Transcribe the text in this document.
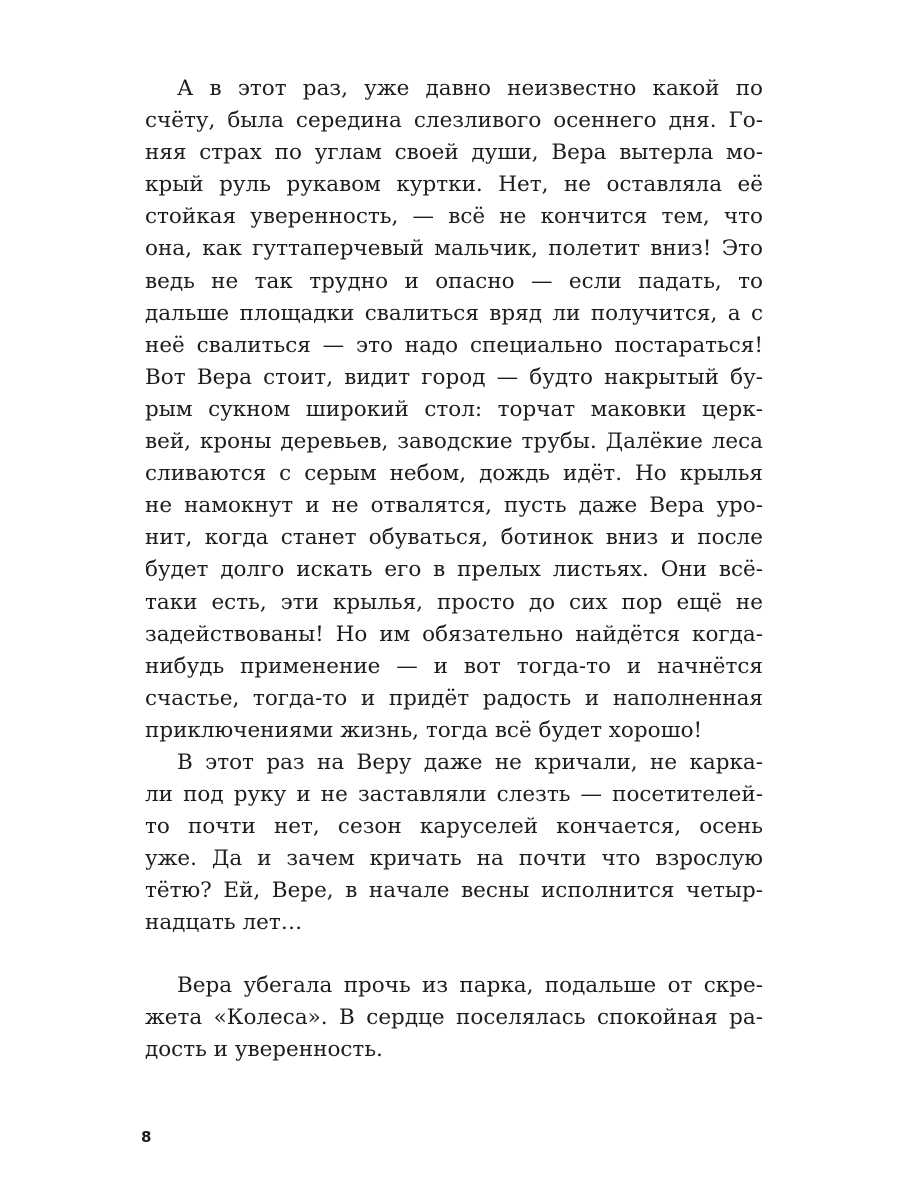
А в этот раз, уже давно неизвестно какой по
счёту, была середина слезливого осеннего дня. Го-
няя страх по углам своей души, Вера вытерла мо-
крый руль рукавом куртки. Нет, не оставляла её
стойкая уверенность, — всё не кончится тем, что
она, как гуттаперчевый мальчик, полетит вниз! Это
ведь не так трудно и опасно — если падать, то
дальше площадки свалиться вряд ли получится, а с
неё свалиться — это надо специально постараться!
Вот Вера стоит, видит город — будто накрытый бу-
рым сукном широкий стол: торчат маковки церк-
вей, кроны деревьев, заводские трубы. Далёкие леса
сливаются с серым небом, дождь идёт. Но крылья
не намокнут и не отвалятся, пусть даже Вера уро-
нит, когда станет обуваться, ботинок вниз и после
будет долго искать его в прелых листьях. Они всё-
таки есть, эти крылья, просто до сих пор ещё не
задействованы! Но им обязательно найдётся когда-
нибудь применение — и вот тогда-то и начнётся
счастье, тогда-то и придёт радость и наполненная
приключениями жизнь, тогда всё будет хорошо!
В этот раз на Веру даже не кричали, не карка-
ли под руку и не заставляли слезть — посетителей-
то почти нет, сезон каруселей кончается, осень
уже. Да и зачем кричать на почти что взрослую
тётю? Ей, Вере, в начале весны исполнится четыр-
надцать лет…
Вера убегала прочь из парка, подальше от скре-
жета «Колеса». В сердце поселялась спокойная ра-
дость и уверенность.
8
